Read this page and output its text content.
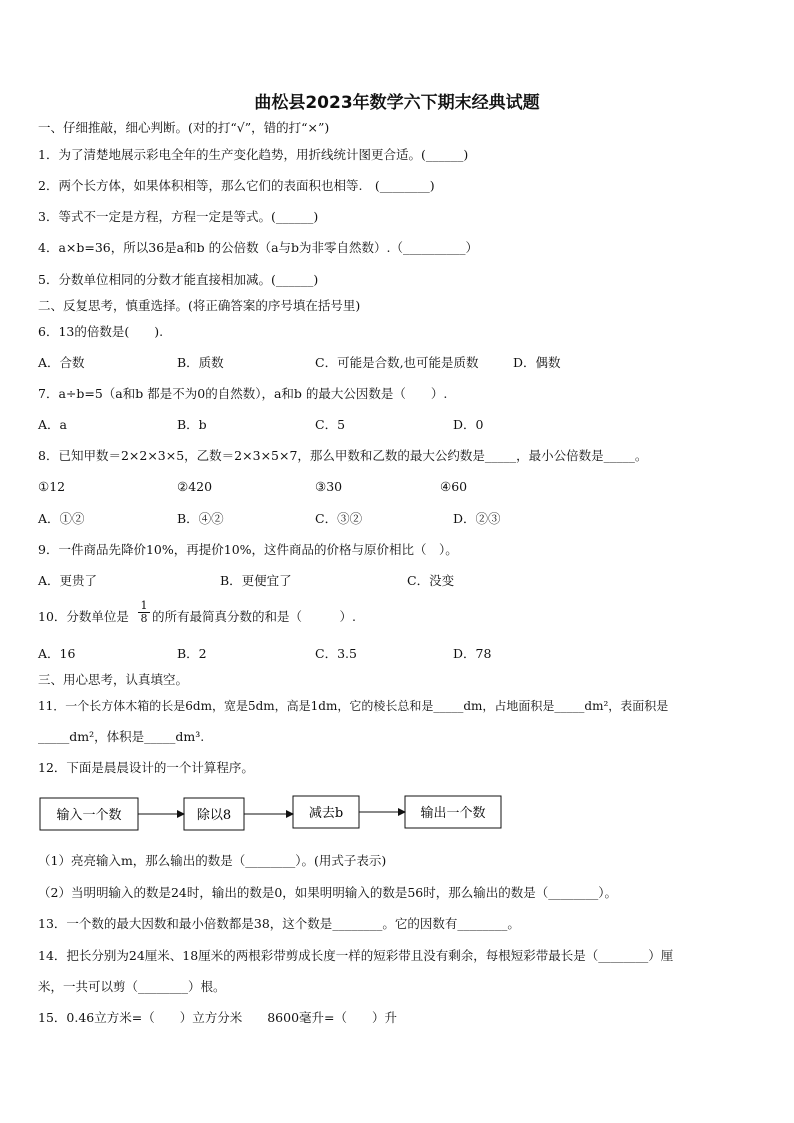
曲松县2023年数学六下期末经典试题
一、仔细推敲，细心判断。(对的打“√”，错的打“×”)
1．为了清楚地展示彩电全年的生产变化趋势，用折线统计图更合适。(______)
2．两个长方体，如果体积相等，那么它们的表面积也相等.　(________)
3．等式不一定是方程，方程一定是等式。(______)
4．a×b=36，所以36是a和b 的公倍数（a与b为非零自然数）.（__________）
5．分数单位相同的分数才能直接相加减。(______)
二、反复思考，慎重选择。(将正确答案的序号填在括号里)
6．13的倍数是(　　).
A．合数	B．质数	C．可能是合数,也可能是质数	D．偶数
7．a÷b=5（a和b 都是不为0的自然数），a和b 的最大公因数是（　　）.
A．a	B．b	C．5	D．0
8．已知甲数＝2×2×3×5，乙数＝2×3×5×7，那么甲数和乙数的最大公约数是_____，最小公倍数是_____。
①12	②420	③30	④60
A．①②	B．④②	C．③②	D．②③
9．一件商品先降价10%，再提价10%，这件商品的价格与原价相比（　）。
A．更贵了	B．更便宜了	C．没变
10．分数单位是 $\frac{1}{8}$ 的所有最简真分数的和是（　　　）.
A．16	B．2	C．3.5	D．78
三、用心思考，认真填空。
11．一个长方体木箱的长是6dm，宽是5dm，高是1dm，它的棱长总和是_____dm，占地面积是_____dm²，表面积是
_____dm²，体积是_____dm³.
12．下面是晨晨设计的一个计算程序。
输入一个数	除以8	减去b	输出一个数
（1）亮亮输入m，那么输出的数是（________）。(用式子表示)
（2）当明明输入的数是24时，输出的数是0，如果明明输入的数是56时，那么输出的数是（________）。
13．一个数的最大因数和最小倍数都是38，这个数是________。它的因数有________。
14．把长分别为24厘米、18厘米的两根彩带剪成长度一样的短彩带且没有剩余，每根短彩带最长是（________）厘
米，一共可以剪（________）根。
15．0.46立方米=（　　）立方分米　　8600毫升=（　　）升
